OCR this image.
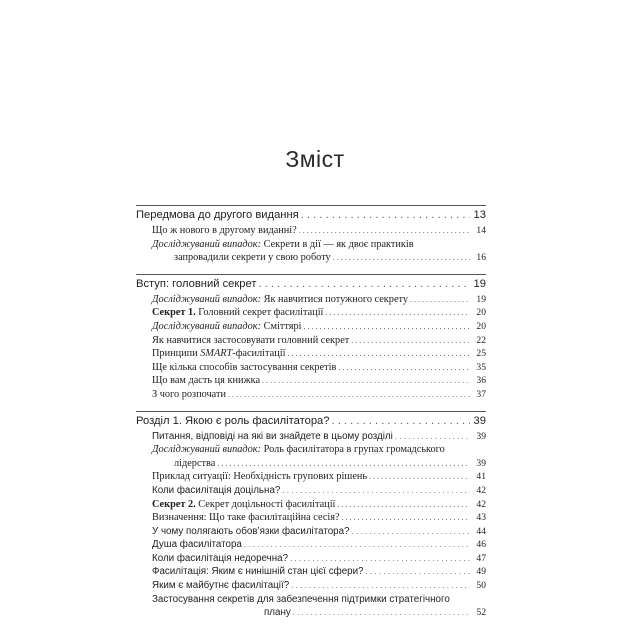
Зміст
Передмова до другого видання . . .	13
Що ж нового в другому виданні? . . .	14
Досліджуваний випадок: Секрети в дії — як двоє практиків
запровадили секрети у свою роботу . . .	16
Вступ: головний секрет . . .	19
Досліджуваний випадок: Як навчитися потужного секрету . . .	19
Секрет 1. Головний секрет фасилітації . . .	20
Досліджуваний випадок: Сміттярі . . .	20
Як навчитися застосовувати головний секрет . . .	22
Принципи SMART-фасилітації . . .	25
Ще кілька способів застосування секретів . . .	35
Що вам дасть ця книжка . . .	36
З чого розпочати . . .	37
Розділ 1. Якою є роль фасилітатора? . . .	39
Питання, відповіді на які ви знайдете в цьому розділі . . .	39
Досліджуваний випадок: Роль фасилітатора в групах громадського
лідерства . . .	39
Приклад ситуації: Необхідність групових рішень . . .	41
Коли фасилітація доцільна? . . .	42
Секрет 2. Секрет доцільності фасилітації . . .	42
Визначення: Що таке фасилітаційна сесія? . . .	43
У чому полягають обов’язки фасилітатора? . . .	44
Душа фасилітатора . . .	46
Коли фасилітація недоречна? . . .	47
Фасилітація: Яким є нинішній стан цієї сфери? . . .	49
Яким є майбутнє фасилітації? . . .	50
Застосування секретів для забезпечення підтримки стратегічного
плану . . .	52
